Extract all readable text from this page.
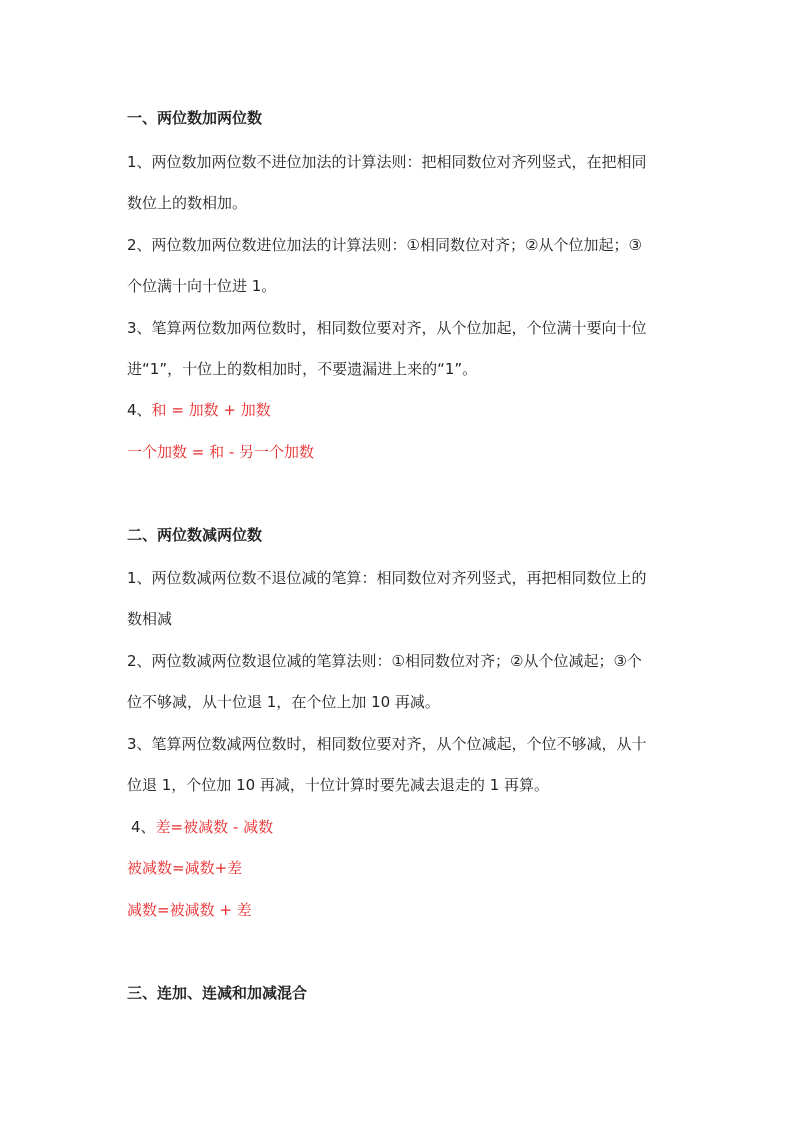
一、两位数加两位数
1、两位数加两位数不进位加法的计算法则：把相同数位对齐列竖式，在把相同
数位上的数相加。
2、两位数加两位数进位加法的计算法则：①相同数位对齐；②从个位加起；③
个位满十向十位进 1。
3、笔算两位数加两位数时，相同数位要对齐，从个位加起，个位满十要向十位
进“1”，十位上的数相加时，不要遗漏进上来的“1”。
4、和 = 加数 + 加数
一个加数 = 和 - 另一个加数
二、两位数减两位数
1、两位数减两位数不退位减的笔算：相同数位对齐列竖式，再把相同数位上的
数相减
2、两位数减两位数退位减的笔算法则：①相同数位对齐；②从个位减起；③个
位不够减，从十位退 1，在个位上加 10 再减。
3、笔算两位数减两位数时，相同数位要对齐，从个位减起，个位不够减，从十
位退 1，个位加 10 再减，十位计算时要先减去退走的 1 再算。
4、差=被减数 - 减数
被减数=减数+差
减数=被减数 + 差
三、连加、连减和加减混合
